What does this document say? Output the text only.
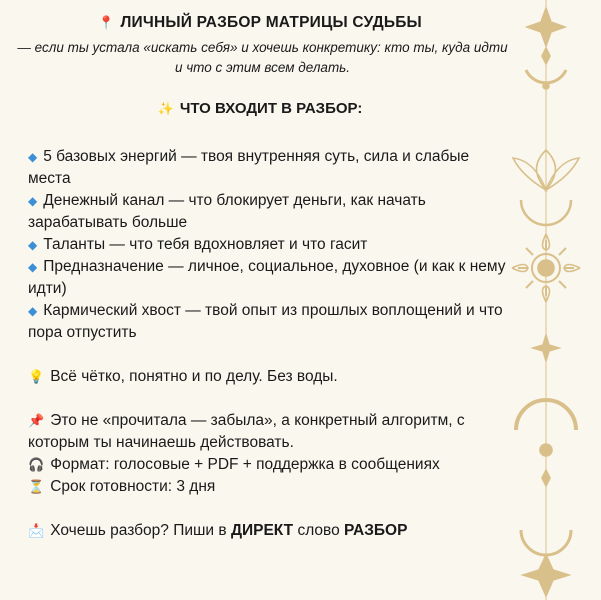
📍 ЛИЧНЫЙ РАЗБОР МАТРИЦЫ СУДЬБЫ
— если ты устала «искать себя» и хочешь конкретику: кто ты, куда идти
и что с этим всем делать.
✨ ЧТО ВХОДИТ В РАЗБОР:

◆ 5 базовых энергий — твоя внутренняя суть, сила и слабые места

◆ Денежный канал — что блокирует деньги, как начать зарабатывать больше

◆ Таланты — что тебя вдохновляет и что гасит

◆ Предназначение — личное, социальное, духовное (и как к нему идти)

◆ Кармический хвост — твой опыт из прошлых воплощений и что пора отпустить

💡 Всё чётко, понятно и по делу. Без воды.

📌 Это не «прочитала — забыла», а конкретный алгоритм, с которым ты начинаешь действовать.

🎧 Формат: голосовые + PDF + поддержка в сообщениях

⏳ Срок готовности: 3 дня

📩 Хочешь разбор? Пиши в ДИРЕКТ слово РАЗБОР
